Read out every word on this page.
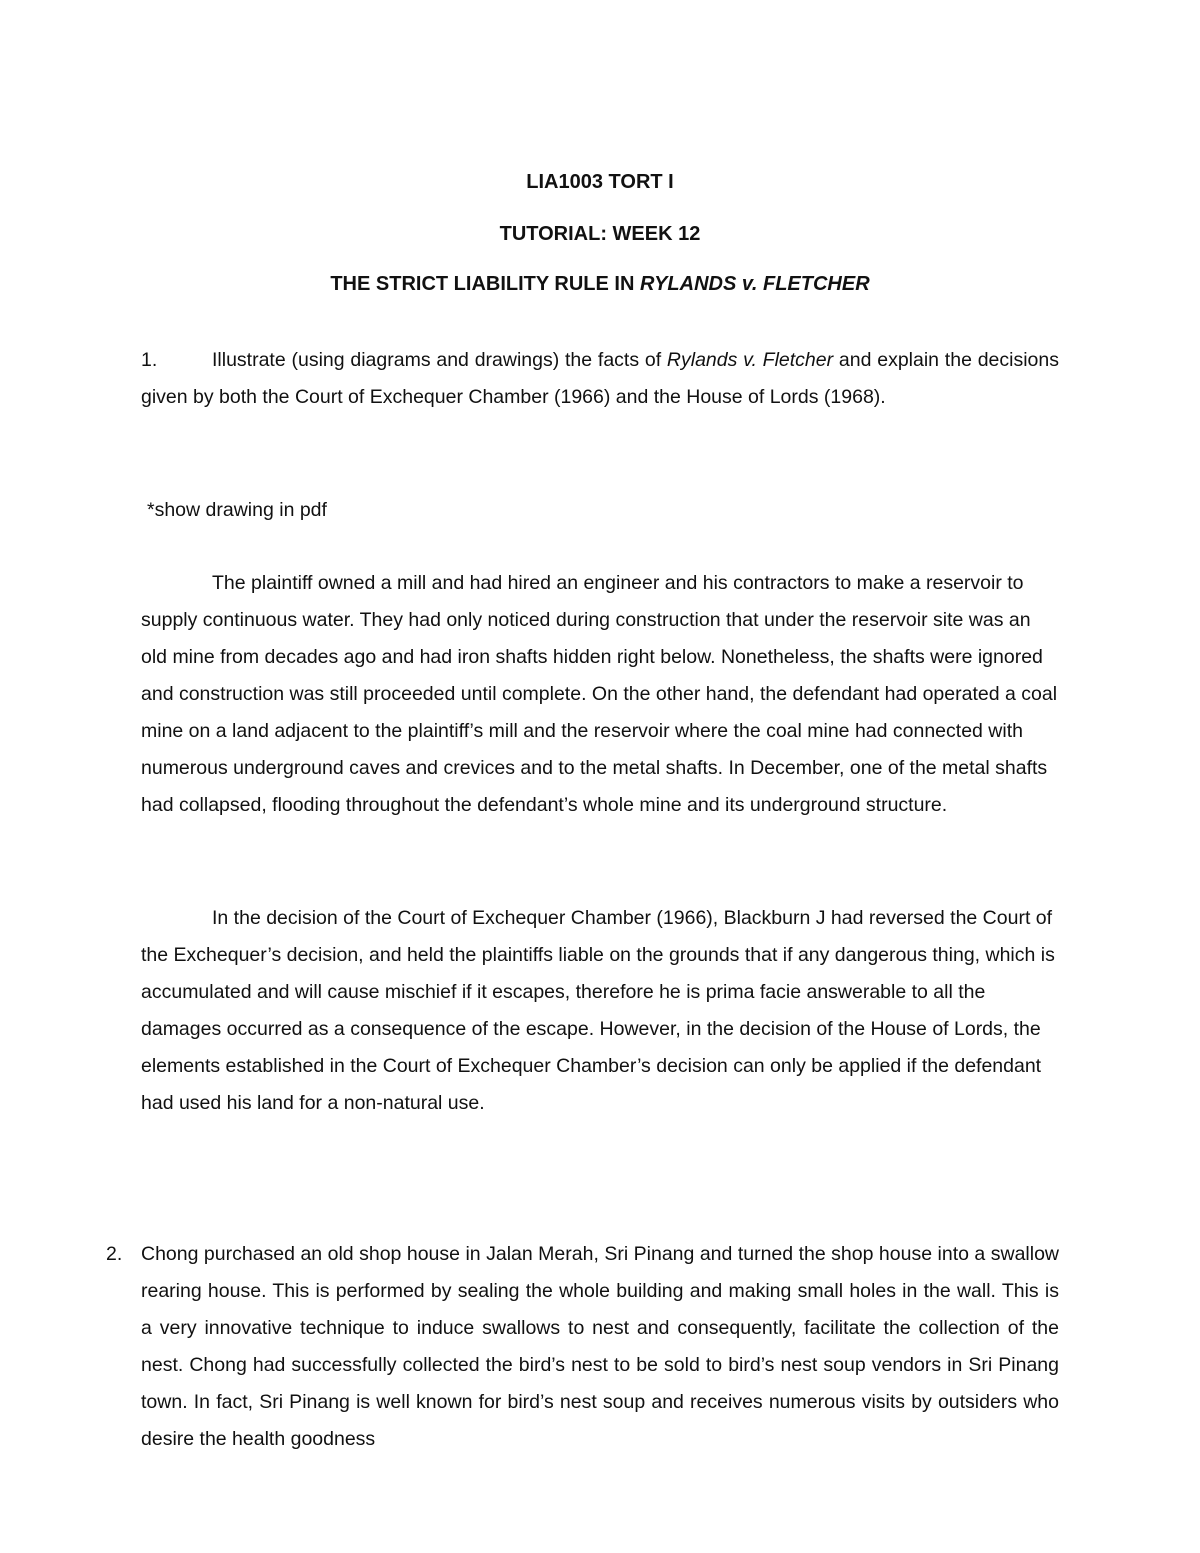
LIA1003 TORT I
TUTORIAL: WEEK 12
THE STRICT LIABILITY RULE IN RYLANDS v. FLETCHER
1.	Illustrate (using diagrams and drawings) the facts of Rylands v. Fletcher and explain the decisions given by both the Court of Exchequer Chamber (1966) and the House of Lords (1968).
*show drawing in pdf
The plaintiff owned a mill and had hired an engineer and his contractors to make a reservoir to supply continuous water. They had only noticed during construction that under the reservoir site was an old mine from decades ago and had iron shafts hidden right below. Nonetheless, the shafts were ignored and construction was still proceeded until complete. On the other hand, the defendant had operated a coal mine on a land adjacent to the plaintiff’s mill and the reservoir where the coal mine had connected with numerous underground caves and crevices and to the metal shafts. In December, one of the metal shafts had collapsed, flooding throughout the defendant’s whole mine and its underground structure.
In the decision of the Court of Exchequer Chamber (1966), Blackburn J had reversed the Court of the Exchequer’s decision, and held the plaintiffs liable on the grounds that if any dangerous thing, which is accumulated and will cause mischief if it escapes, therefore he is prima facie answerable to all the damages occurred as a consequence of the escape. However, in the decision of the House of Lords, the elements established in the Court of Exchequer Chamber’s decision can only be applied if the defendant had used his land for a non-natural use.
2. Chong purchased an old shop house in Jalan Merah, Sri Pinang and turned the shop house into a swallow rearing house. This is performed by sealing the whole building and making small holes in the wall. This is a very innovative technique to induce swallows to nest and consequently, facilitate the collection of the nest. Chong had successfully collected the bird’s nest to be sold to bird’s nest soup vendors in Sri Pinang town. In fact, Sri Pinang is well known for bird’s nest soup and receives numerous visits by outsiders who desire the health goodness
